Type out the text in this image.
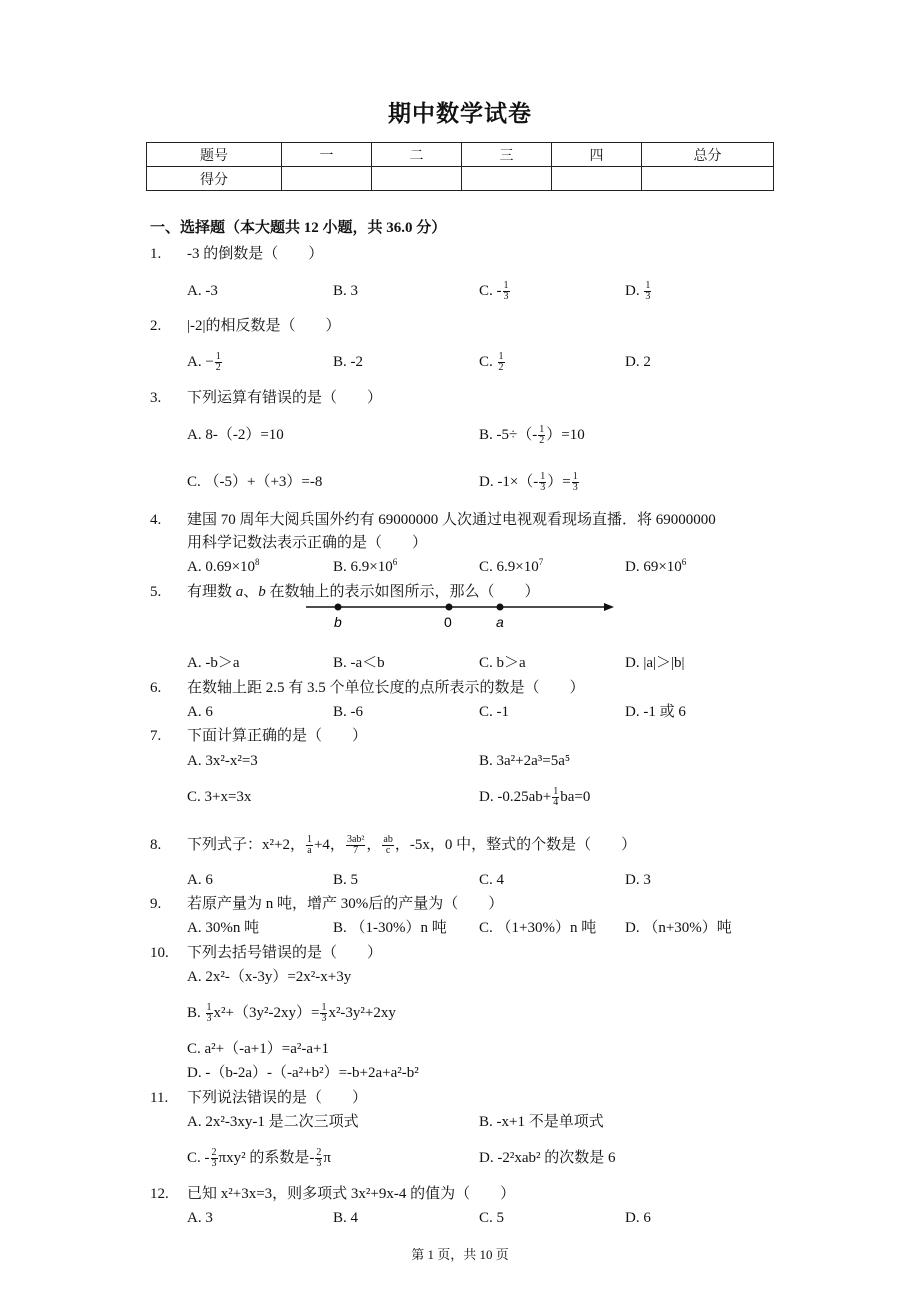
期中数学试卷
题号	一	二	三	四	总分
得分					
一、选择题（本大题共 12 小题，共 36.0 分）
1. -3 的倒数是（　　）
A. -3	B. 3	C. - $\frac{1}{3}$	D. $\frac{1}{3}$
2. |-2|的相反数是（　　）
A. − $\frac{1}{2}$	B. -2	C. $\frac{1}{2}$	D. 2
3. 下列运算有错误的是（　　）
A. 8-（-2）=10	B. $-5\div(- \frac{1}{2} )=10$
C. （-5）+（+3）=-8	D. $-1\times(- \frac{1}{3}$ ）= $\frac{1}{3}$
4. 建国 70 周年大阅兵国外约有 69000000 人次通过电视观看现场直播．将 69000000
用科学记数法表示正确的是（　　）
A. $0.69\times 10^8$	B. $6.9\times 10^6$	C. $6.9\times 10^7$	D. $69\times 10^6$
5. 有理数 a、b 在数轴上的表示如图所示，那么（　　）
b	0	a
A. -b＞a	B. -a＜b	C. b＞a	D. |a|＞|b|
6. 在数轴上距 2.5 有 3.5 个单位长度的点所表示的数是（　　）
A. 6	B. -6	C. -1	D. -1 或 6
7. 下面计算正确的是（　　）
A. 3x²-x²=3	B. 3a²+2a³=5a⁵
C. 3+x=3x	D. $-0.25ab+ \frac{1}{4} ba=0$
8. 下列式子：x²+2， $\frac{1}{a} +4$， $\frac{\text{3ab²}}{7}$ ， $\frac{ab}{c}$ ，-5x，0 中，整式的个数是（　　）
A. 6	B. 5	C. 4	D. 3
9. 若原产量为 n 吨，增产 30%后的产量为（　　）
A. 30%n 吨	B. （1-30%）n 吨 C. （1+30%）n 吨 D. （n+30%）吨
10. 下列去括号错误的是（　　）
A. 2x²-（x-3y）=2x²-x+3y
B. $\frac{1}{3} x^2+(3y^2-2xy)= \frac{1}{3} x^2-3y^2+2xy$
C. a²+（-a+1）=a²-a+1
D. -（b-2a）-（-a²+b²）=-b+2a+a²-b²
11. 下列说法错误的是（　　）
A. 2x²-3xy-1 是二次三项式	B. -x+1 不是单项式
C. - $\frac{2}{3} \pi xy^2$ 的系数是- $\frac{2}{3}$ π	D. -2²xab² 的次数是 6
12. 已知 x²+3x=3，则多项式 3x²+9x-4 的值为（　　）
A. 3	B. 4	C. 5	D. 6
第 1 页，共 10 页
